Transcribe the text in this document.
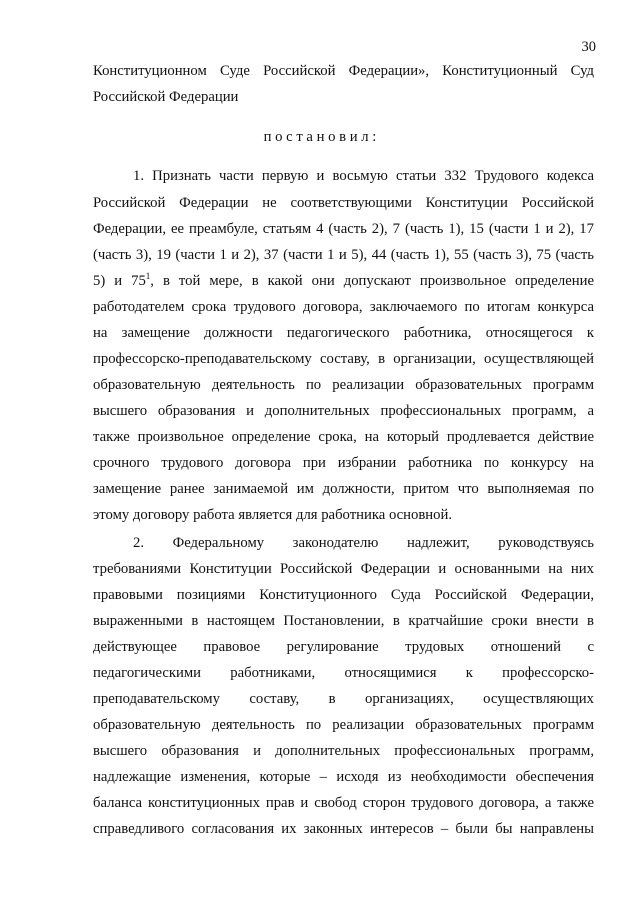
30
Конституционном Суде Российской Федерации», Конституционный Суд
Российской Федерации
п о с т а н о в и л :
1. Признать части первую и восьмую статьи 332 Трудового кодекса
Российской Федерации не соответствующими Конституции Российской
Федерации, ее преамбуле, статьям 4 (часть 2), 7 (часть 1), 15 (части 1 и 2), 17
(часть 3), 19 (части 1 и 2), 37 (части 1 и 5), 44 (часть 1), 55 (часть 3), 75 (часть
5) и $75^1$, в той мере, в какой они допускают произвольное определение
работодателем срока трудового договора, заключаемого по итогам конкурса
на замещение должности педагогического работника, относящегося к
профессорско-преподавательскому составу, в организации, осуществляющей
образовательную деятельность по реализации образовательных программ
высшего образования и дополнительных профессиональных программ, а
также произвольное определение срока, на который продлевается действие
срочного трудового договора при избрании работника по конкурсу на
замещение ранее занимаемой им должности, притом что выполняемая по
этому договору работа является для работника основной.
2. Федеральному законодателю надлежит, руководствуясь
требованиями Конституции Российской Федерации и основанными на них
правовыми позициями Конституционного Суда Российской Федерации,
выраженными в настоящем Постановлении, в кратчайшие сроки внести в
действующее правовое регулирование трудовых отношений с
педагогическими работниками, относящимися к профессорско-
преподавательскому составу, в организациях, осуществляющих
образовательную деятельность по реализации образовательных программ
высшего образования и дополнительных профессиональных программ,
надлежащие изменения, которые – исходя из необходимости обеспечения
баланса конституционных прав и свобод сторон трудового договора, а также
справедливого согласования их законных интересов – были бы направлены
